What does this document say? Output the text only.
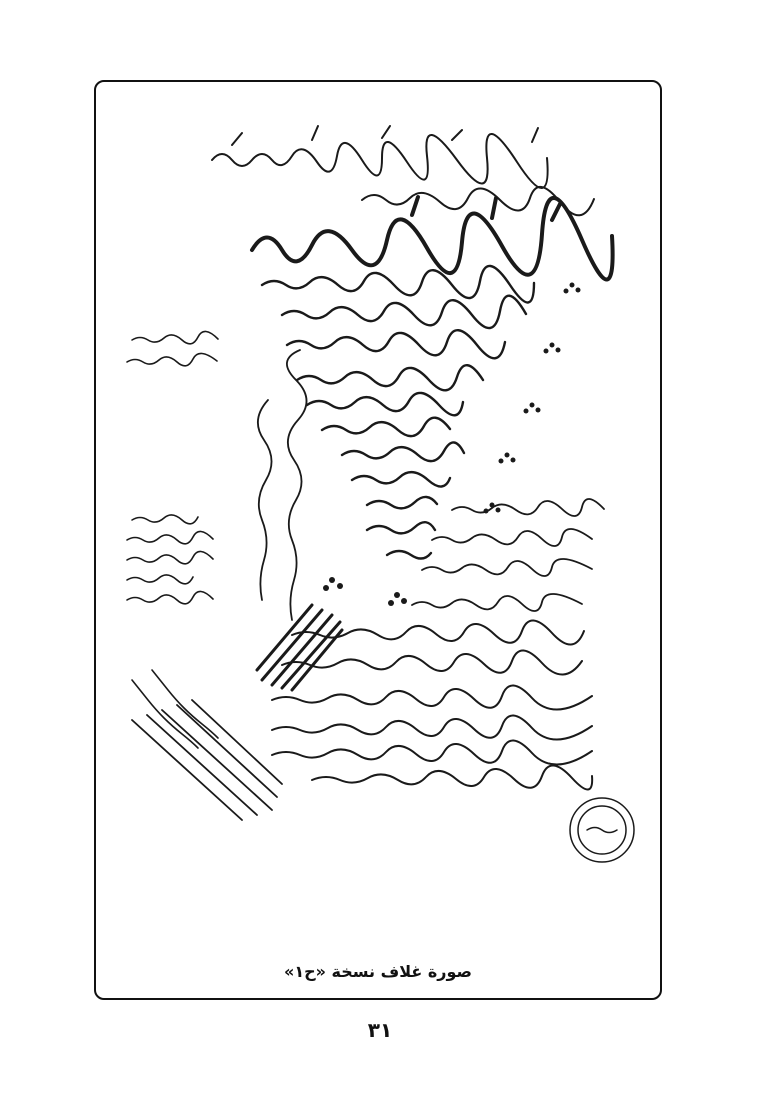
صورة غلاف نسخة «ح١»
٣١
